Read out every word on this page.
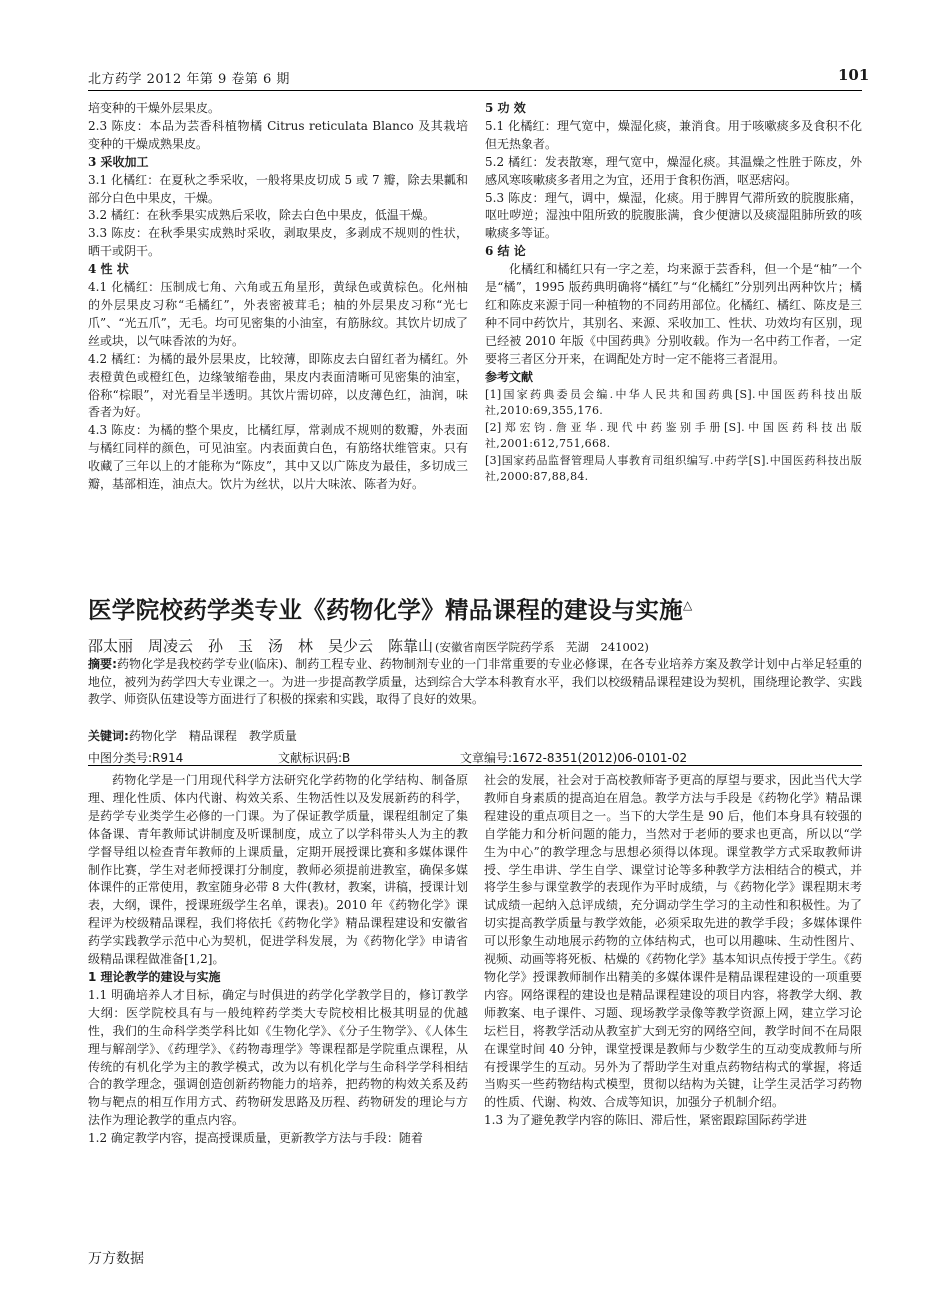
北方药学 2012 年第 9 卷第 6 期	101

培变种的干燥外层果皮。

2.3 陈皮：本品为芸香科植物橘 Citrus reticulata Blanco 及其栽培变种的干燥成熟果皮。

3 采收加工

3.1 化橘红：在夏秋之季采收，一般将果皮切成 5 或 7 瓣，除去果瓤和部分白色中果皮，干燥。

3.2 橘红：在秋季果实成熟后采收，除去白色中果皮，低温干燥。

3.3 陈皮：在秋季果实成熟时采收，剥取果皮，多剥成不规则的性状，晒干或阴干。

4 性 状

4.1 化橘红：压制成七角、六角或五角星形，黄绿色或黄棕色。化州柚的外层果皮习称“毛橘红”，外表密被茸毛；柚的外层果皮习称“光七爪”、“光五爪”，无毛。均可见密集的小油室，有筋脉纹。其饮片切成了丝或块，以气味香浓的为好。

4.2 橘红：为橘的最外层果皮，比较薄，即陈皮去白留红者为橘红。外表橙黄色或橙红色，边缘皱缩卷曲，果皮内表面清晰可见密集的油室，俗称“棕眼”，对光看呈半透明。其饮片需切碎，以皮薄色红，油润，味香者为好。

4.3 陈皮：为橘的整个果皮，比橘红厚，常剥成不规则的数瓣，外表面与橘红同样的颜色，可见油室。内表面黄白色，有筋络状维管束。只有收藏了三年以上的才能称为“陈皮”，其中又以广陈皮为最佳，多切成三瓣，基部相连，油点大。饮片为丝状，以片大味浓、陈者为好。

5 功 效

5.1 化橘红：理气宽中，燥湿化痰，兼消食。用于咳嗽痰多及食积不化但无热象者。

5.2 橘红：发表散寒，理气宽中，燥湿化痰。其温燥之性胜于陈皮，外感风寒咳嗽痰多者用之为宜，还用于食积伤酒，呕恶痞闷。

5.3 陈皮：理气，调中，燥湿，化痰。用于脾胃气滞所致的脘腹胀痛，呕吐哕逆；湿浊中阻所致的脘腹胀满，食少便溏以及痰湿阻肺所致的咳嗽痰多等证。

6 结 论

化橘红和橘红只有一字之差，均来源于芸香科，但一个是“柚”一个是“橘”，1995 版药典明确将“橘红”与“化橘红”分别列出两种饮片；橘红和陈皮来源于同一种植物的不同药用部位。化橘红、橘红、陈皮是三种不同中药饮片，其别名、来源、采收加工、性状、功效均有区别，现已经被 2010 年版《中国药典》分别收载。作为一名中药工作者，一定要将三者区分开来，在调配处方时一定不能将三者混用。

参考文献

[1]国家药典委员会编.中华人民共和国药典[S].中国医药科技出版社,2010:69,355,176.

[2]郑宏钧.詹亚华.现代中药鉴别手册[S].中国医药科技出版社,2001:612,751,668.

[3]国家药品监督管理局人事教育司组织编写.中药学[S].中国医药科技出版社,2000:87,88,84.

医学院校药学类专业《药物化学》精品课程的建设与实施△
邵太丽　周凌云　孙　玉　汤　林　吴少云　陈靠山 (安徽省南医学院药学系　芜湖　241002)
摘要:药物化学是我校药学专业(临床)、制药工程专业、药物制剂专业的一门非常重要的专业必修课，在各专业培养方案及教学计划中占举足轻重的地位，被列为药学四大专业课之一。为进一步提高教学质量，达到综合大学本科教育水平，我们以校级精品课程建设为契机，围绕理论教学、实践教学、师资队伍建设等方面进行了积极的探索和实践，取得了良好的效果。
关键词:药物化学　精品课程　教学质量
中图分类号:R914	文献标识码:B	文章编号:1672-8351(2012)06-0101-02

药物化学是一门用现代科学方法研究化学药物的化学结构、制备原理、理化性质、体内代谢、构效关系、生物活性以及发展新药的科学，是药学专业类学生必修的一门课。为了保证教学质量，课程组制定了集体备课、青年教师试讲制度及听课制度，成立了以学科带头人为主的教学督导组以检查青年教师的上课质量，定期开展授课比赛和多媒体课件制作比赛，学生对老师授课打分制度，教师必须提前进教室，确保多媒体课件的正常使用，教室随身必带 8 大件(教材，教案，讲稿，授课计划表，大纲，课件，授课班级学生名单，课表)。2010 年《药物化学》课程评为校级精品课程，我们将依托《药物化学》精品课程建设和安徽省药学实践教学示范中心为契机，促进学科发展，为《药物化学》申请省级精品课程做准备[1,2]。

1 理论教学的建设与实施

1.1 明确培养人才目标，确定与时俱进的药学化学教学目的，修订教学大纲：医学院校具有与一般纯粹药学类大专院校相比极其明显的优越性，我们的生命科学类学科比如《生物化学》、《分子生物学》、《人体生理与解剖学》、《药理学》、《药物毒理学》等课程都是学院重点课程，从传统的有机化学为主的教学模式，改为以有机化学与生命科学学科相结合的教学理念，强调创造创新药物能力的培养，把药物的构效关系及药物与靶点的相互作用方式、药物研发思路及历程、药物研发的理论与方法作为理论教学的重点内容。

1.2 确定教学内容，提高授课质量，更新教学方法与手段：随着

社会的发展，社会对于高校教师寄予更高的厚望与要求，因此当代大学教师自身素质的提高迫在眉急。教学方法与手段是《药物化学》精品课程建设的重点项目之一。当下的大学生是 90 后，他们本身具有较强的自学能力和分析问题的能力，当然对于老师的要求也更高，所以以“学生为中心”的教学理念与思想必须得以体现。课堂教学方式采取教师讲授、学生串讲、学生自学、课堂讨论等多种教学方法相结合的模式，并将学生参与课堂教学的表现作为平时成绩，与《药物化学》课程期末考试成绩一起纳入总评成绩，充分调动学生学习的主动性和积极性。为了切实提高教学质量与教学效能，必须采取先进的教学手段；多媒体课件可以形象生动地展示药物的立体结构式，也可以用趣味、生动性图片、视频、动画等将死板、枯燥的《药物化学》基本知识点传授于学生。《药物化学》授课教师制作出精美的多媒体课件是精品课程建设的一项重要内容。网络课程的建设也是精品课程建设的项目内容，将教学大纲、教师教案、电子课件、习题、现场教学录像等教学资源上网，建立学习论坛栏目，将教学活动从教室扩大到无穷的网络空间，教学时间不在局限在课堂时间 40 分钟，课堂授课是教师与少数学生的互动变成教师与所有授课学生的互动。另外为了帮助学生对重点药物结构式的掌握，将适当购买一些药物结构式模型，贯彻以结构为关键，让学生灵活学习药物的性质、代谢、构效、合成等知识，加强分子机制介绍。

1.3 为了避免教学内容的陈旧、滞后性，紧密跟踪国际药学进

万方数据
